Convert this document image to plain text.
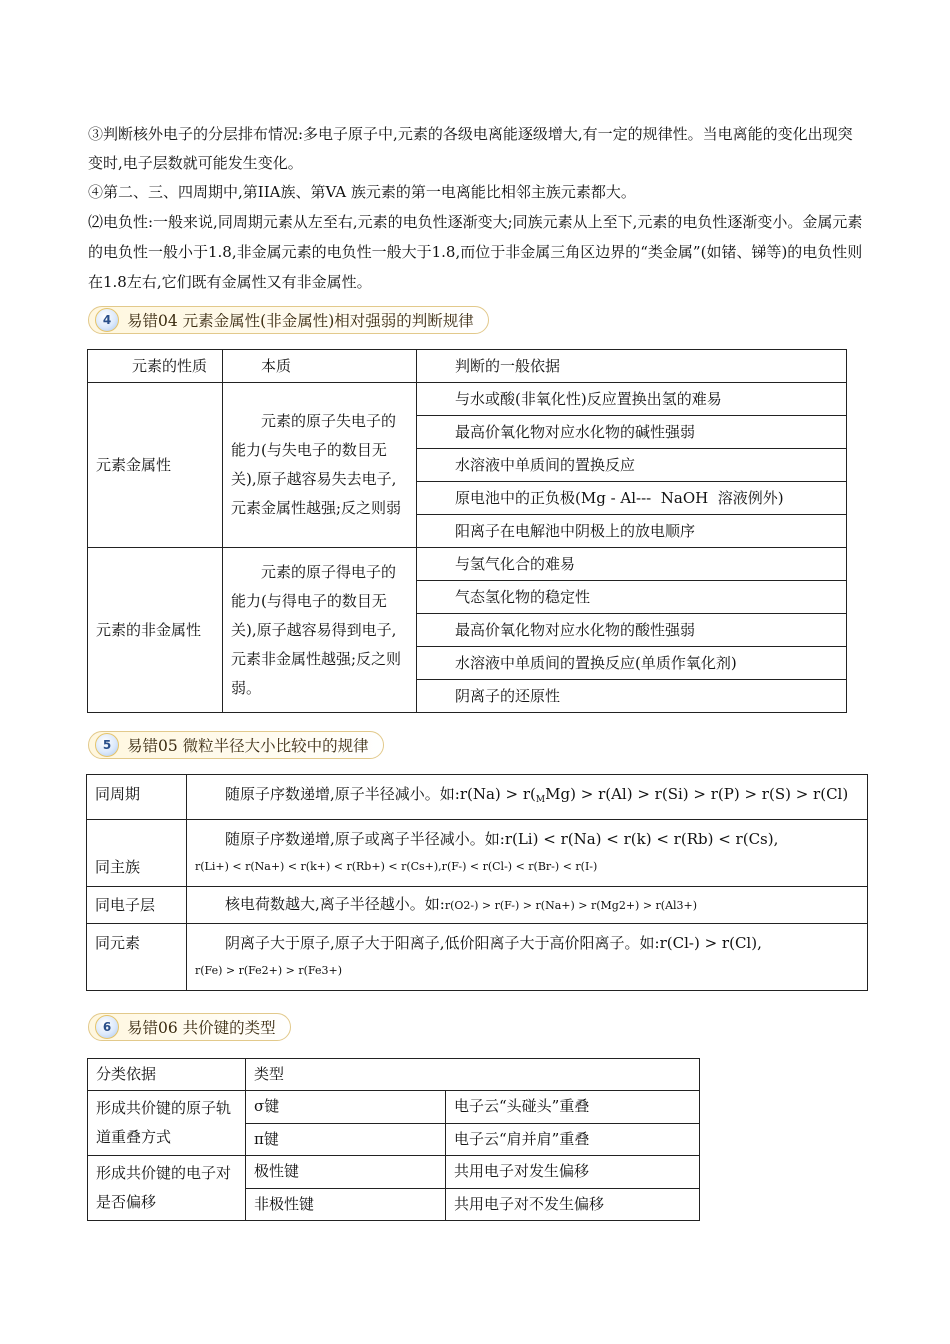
③判断核外电子的分层排布情况:多电子原子中,元素的各级电离能逐级增大,有一定的规律性。当电离能的变化出现突变时,电子层数就可能发生变化。

④第二、三、四周期中,第IIA族、第VA 族元素的第一电离能比相邻主族元素都大。

⑵电负性:一般来说,同周期元素从左至右,元素的电负性逐渐变大;同族元素从上至下,元素的电负性逐渐变小。金属元素的电负性一般小于1.8,非金属元素的电负性一般大于1.8,而位于非金属三角区边界的“类金属”(如锗、锑等)的电负性则在1.8左右,它们既有金属性又有非金属性。

4	易错04 元素金属性(非金属性)相对强弱的判断规律
元素的性质	本质	判断的一般依据
元素金属性	元素的原子失电子的能力(与失电子的数目无关),原子越容易失去电子,元素金属性越强;反之则弱	与水或酸(非氧化性)反应置换出氢的难易
		最高价氧化物对应水化物的碱性强弱
		水溶液中单质间的置换反应
		原电池中的正负极(Mg - Al---  NaOH  溶液例外)
		阳离子在电解池中阴极上的放电顺序
元素的非金属性	元素的原子得电子的能力(与得电子的数目无关),原子越容易得到电子,元素非金属性越强;反之则弱。	与氢气化合的难易
		气态氢化物的稳定性
		最高价氧化物对应水化物的酸性强弱
		水溶液中单质间的置换反应(单质作氧化剂)
		阴离子的还原性
5	易错05 微粒半径大小比较中的规律
同周期	随原子序数递增,原子半径减小。如:r(Na) > $r(_MMg) > r(Al) > r(Si) > r(P) > r(S) > r(Cl)$
同主族	随原子序数递增,原子或离子半径减小。如:r(Li) < r(Na) < r(k) < r(Rb) < r(Cs),
r(Li+) < r(Na+) < r(k+) < r(Rb+) < r(Cs+),r(F-) < r(Cl-) < r(Br-) < r(I-)
同电子层	核电荷数越大,离子半径越小。如:r(O2-) > r(F-) > r(Na+) > r(Mg2+) > r(Al3+)
同元素	阴离子大于原子,原子大于阳离子,低价阳离子大于高价阳离子。如:r(Cl-) > r(Cl),
r(Fe) > r(Fe2+) > r(Fe3+)
6	易错06 共价键的类型
分类依据	类型	
形成共价键的原子轨道重叠方式	σ键	电子云“头碰头”重叠
	π键	电子云“肩并肩”重叠
形成共价键的电子对是否偏移	极性键	共用电子对发生偏移
	非极性键	共用电子对不发生偏移
